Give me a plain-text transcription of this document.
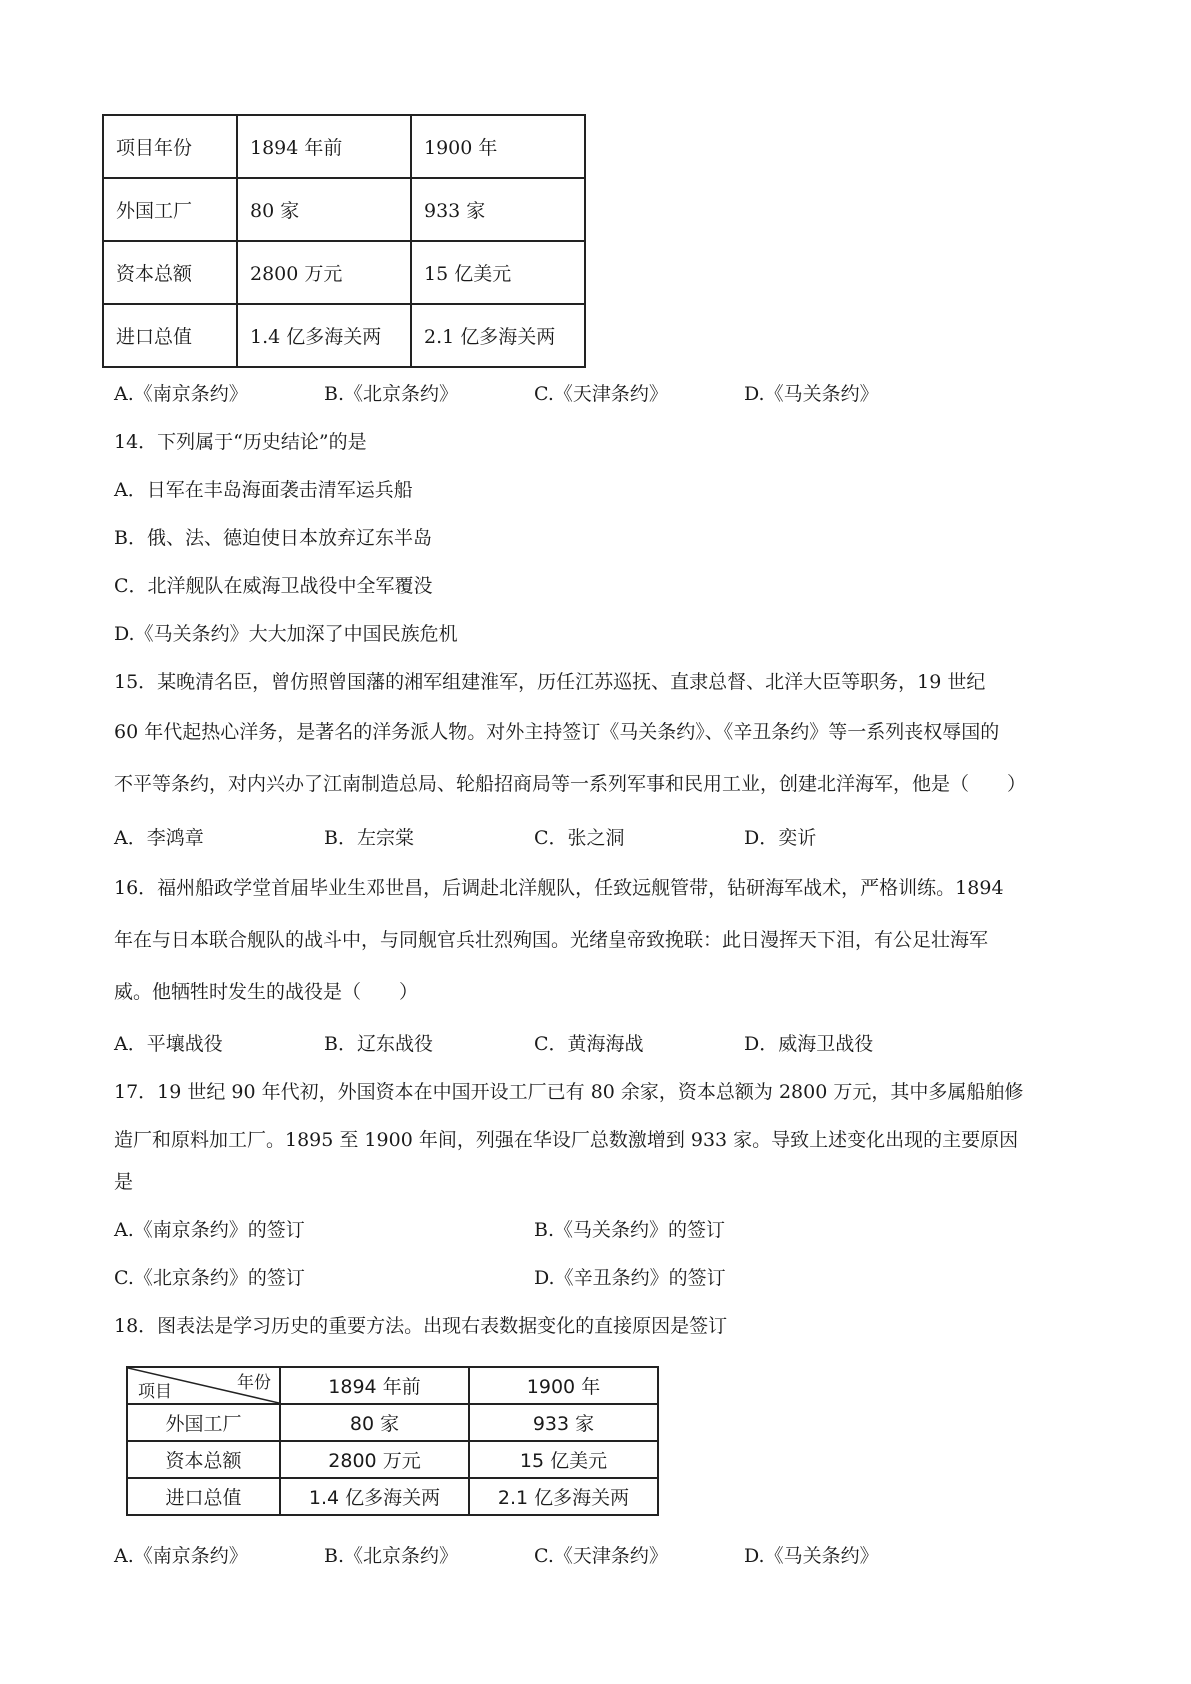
项目年份	1894 年前	1900 年
外国工厂	80 家	933 家
资本总额	2800 万元	15 亿美元
进口总值	1.4 亿多海关两	2.1 亿多海关两
A.《南京条约》	B.《北京条约》	C.《天津条约》	D.《马关条约》
14．下列属于“历史结论”的是
A．日军在丰岛海面袭击清军运兵船
B．俄、法、德迫使日本放弃辽东半岛
C．北洋舰队在威海卫战役中全军覆没
D.《马关条约》大大加深了中国民族危机
15．某晚清名臣，曾仿照曾国藩的湘军组建淮军，历任江苏巡抚、直隶总督、北洋大臣等职务，19 世纪
60 年代起热心洋务，是著名的洋务派人物。对外主持签订《马关条约》、《辛丑条约》等一系列丧权辱国的
不平等条约，对内兴办了江南制造总局、轮船招商局等一系列军事和民用工业，创建北洋海军，他是（　　）
A．李鸿章	B．左宗棠	C．张之洞	D．奕䜣
16．福州船政学堂首届毕业生邓世昌，后调赴北洋舰队，任致远舰管带，钻研海军战术，严格训练。1894
年在与日本联合舰队的战斗中，与同舰官兵壮烈殉国。光绪皇帝致挽联：此日漫挥天下泪，有公足壮海军
威。他牺牲时发生的战役是（　　）
A．平壤战役	B．辽东战役	C．黄海海战	D．威海卫战役
17．19 世纪 90 年代初，外国资本在中国开设工厂已有 80 余家，资本总额为 2800 万元，其中多属船舶修
造厂和原料加工厂。1895 至 1900 年间，列强在华设厂总数激增到 933 家。导致上述变化出现的主要原因
是
A.《南京条约》的签订	B.《马关条约》的签订
C.《北京条约》的签订	D.《辛丑条约》的签订
18．图表法是学习历史的重要方法。出现右表数据变化的直接原因是签订
年份
项目	1894 年前	1900 年
外国工厂	80 家	933 家
资本总额	2800 万元	15 亿美元
进口总值	1.4 亿多海关两	2.1 亿多海关两
A.《南京条约》	B.《北京条约》	C.《天津条约》	D.《马关条约》
